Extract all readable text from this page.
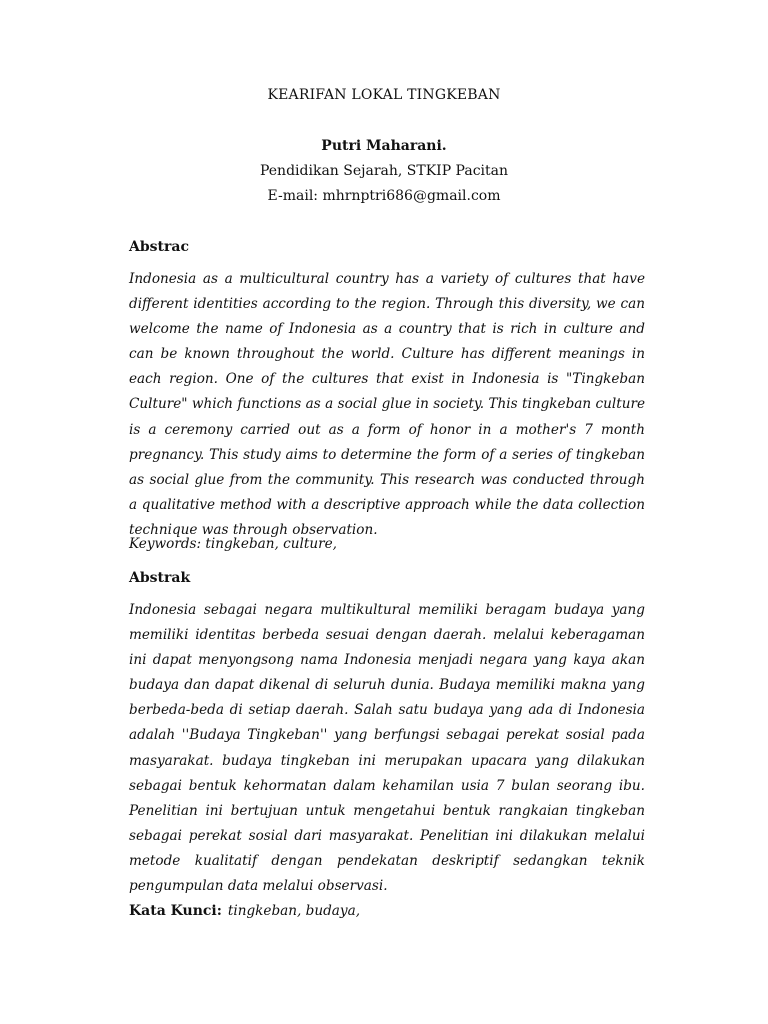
KEARIFAN LOKAL TINGKEBAN
Putri Maharani.
Pendidikan Sejarah, STKIP Pacitan
E-mail: mhrnptri686@gmail.com
Abstrac
Indonesia as a multicultural country has a variety of cultures that have different identities according to the region. Through this diversity, we can welcome the name of Indonesia as a country that is rich in culture and can be known throughout the world. Culture has different meanings in each region. One of the cultures that exist in Indonesia is "Tingkeban Culture" which functions as a social glue in society. This tingkeban culture is a ceremony carried out as a form of honor in a mother's 7 month pregnancy. This study aims to determine the form of a series of tingkeban as social glue from the community. This research was conducted through a qualitative method with a descriptive approach while the data collection technique was through observation.
Keywords: tingkeban, culture,
Abstrak
Indonesia sebagai negara multikultural memiliki beragam budaya yang memiliki identitas berbeda sesuai dengan daerah. melalui keberagaman ini dapat menyongsong nama Indonesia menjadi negara yang kaya akan budaya dan dapat dikenal di seluruh dunia. Budaya memiliki makna yang berbeda-beda di setiap daerah. Salah satu budaya yang ada di Indonesia adalah ''Budaya Tingkeban'' yang berfungsi sebagai perekat sosial pada masyarakat. budaya tingkeban ini merupakan upacara yang dilakukan sebagai bentuk kehormatan dalam kehamilan usia 7 bulan seorang ibu. Penelitian ini bertujuan untuk mengetahui bentuk rangkaian tingkeban sebagai perekat sosial dari masyarakat. Penelitian ini dilakukan melalui metode kualitatif dengan pendekatan deskriptif sedangkan teknik pengumpulan data melalui observasi.
Kata Kunci: tingkeban, budaya,
